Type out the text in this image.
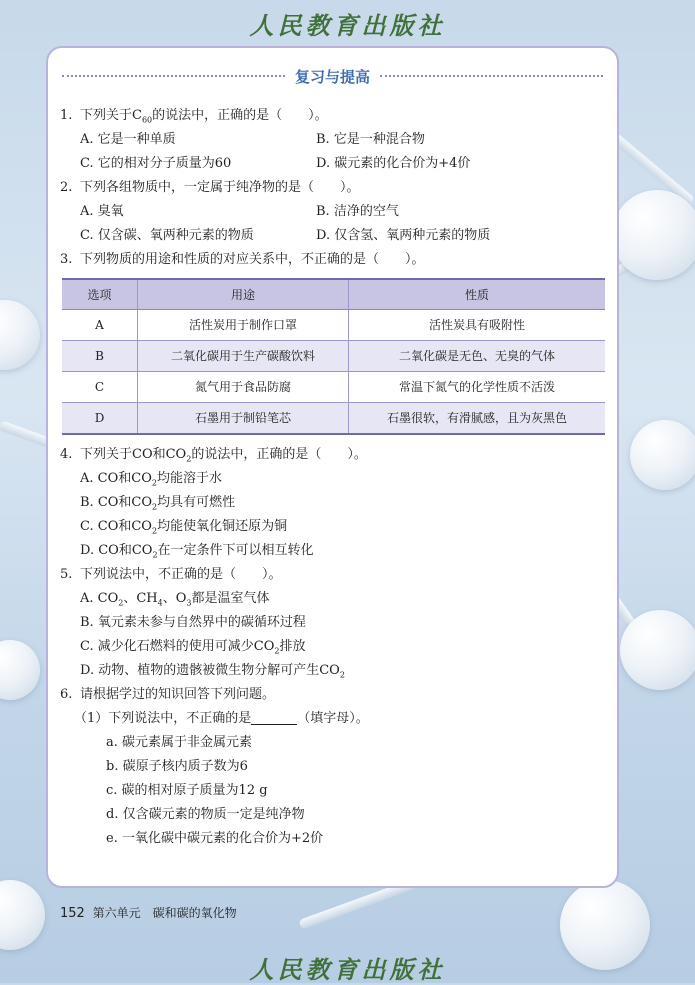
人民教育出版社
复习与提高
1. 下列关于$C_{60}$的说法中，正确的是（　　）。
A. 它是一种单质	B. 它是一种混合物
C. 它的相对分子质量为60	D. 碳元素的化合价为+4价
2. 下列各组物质中，一定属于纯净物的是（　　）。
A. 臭氧	B. 洁净的空气
C. 仅含碳、氧两种元素的物质	D. 仅含氢、氧两种元素的物质
3. 下列物质的用途和性质的对应关系中，不正确的是（　　）。
选项	用途	性质
A	活性炭用于制作口罩	活性炭具有吸附性
B	二氧化碳用于生产碳酸饮料	二氧化碳是无色、无臭的气体
C	氮气用于食品防腐	常温下氮气的化学性质不活泼
D	石墨用于制铅笔芯	石墨很软，有滑腻感，且为灰黑色
4. 下列关于CO和$CO_2$的说法中，正确的是（　　）。
A. CO和$CO_2$均能溶于水
B. CO和$CO_2$均具有可燃性
C. CO和$CO_2$均能使氧化铜还原为铜
D. CO和$CO_2$在一定条件下可以相互转化
5. 下列说法中，不正确的是（　　）。
A. $CO_2$、$CH_4$、$O_3$都是温室气体
B. 氧元素未参与自然界中的碳循环过程
C. 减少化石燃料的使用可减少$CO_2$排放
D. 动物、植物的遗骸被微生物分解可产生$CO_2$
6. 请根据学过的知识回答下列问题。
（1）下列说法中，不正确的是	（填字母）。
a. 碳元素属于非金属元素
b. 碳原子核内质子数为6
c. 碳的相对原子质量为12 g
d. 仅含碳元素的物质一定是纯净物
e. 一氧化碳中碳元素的化合价为+2价
152 第六单元　碳和碳的氧化物
人民教育出版社
